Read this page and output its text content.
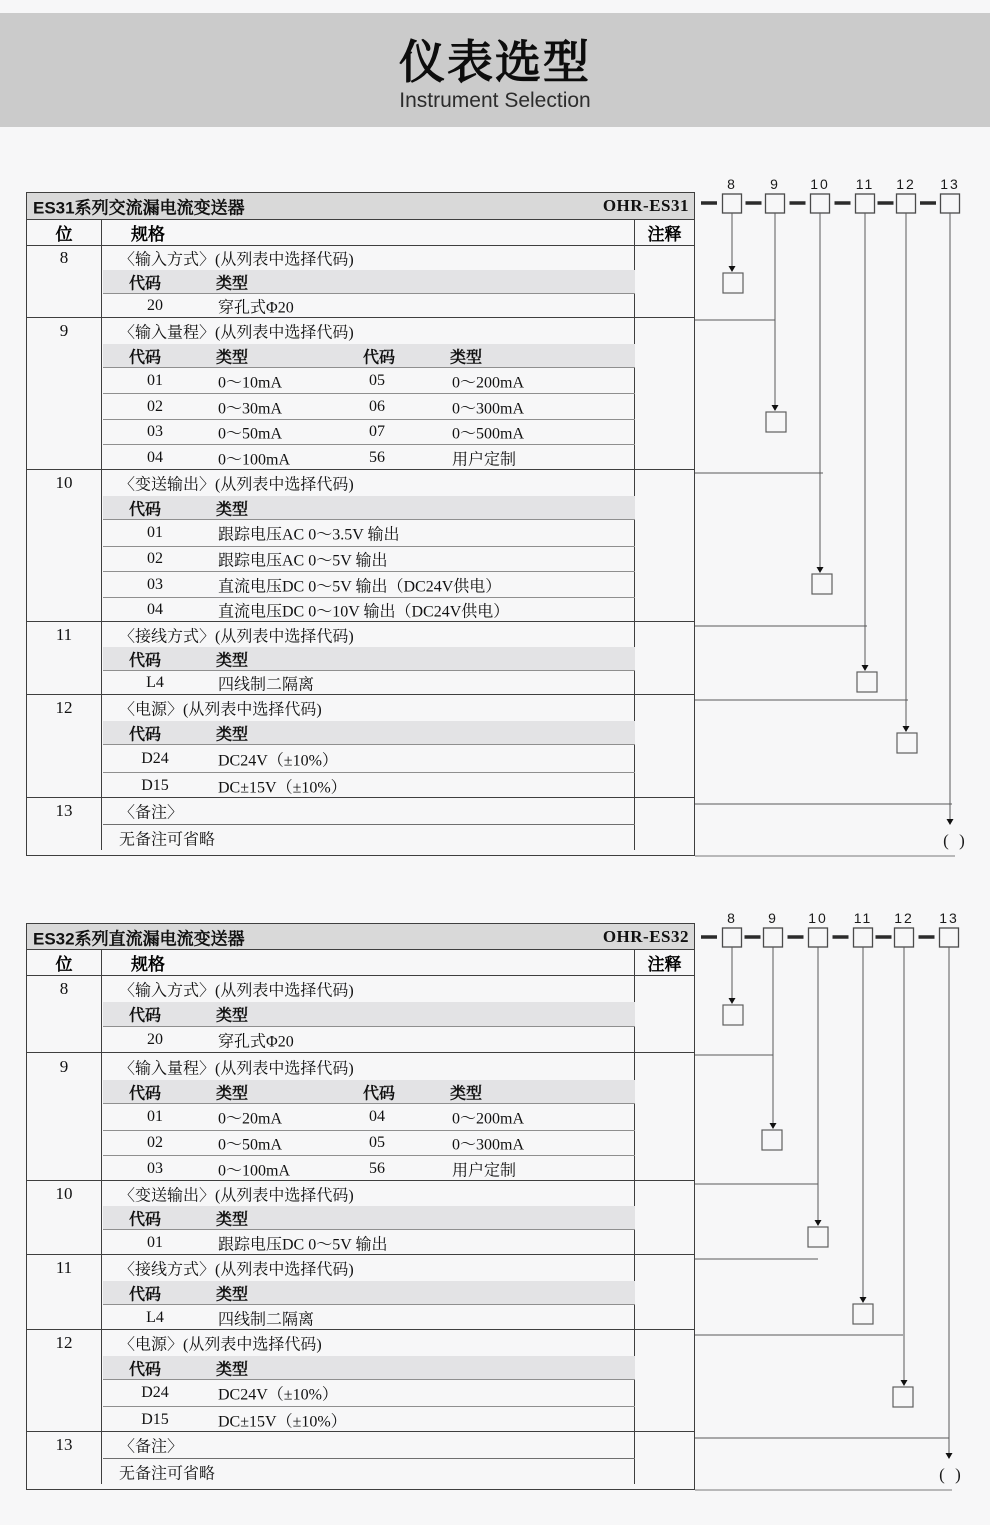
仪表选型
Instrument Selection
ES31系列交流漏电流变送器	OHR-ES31
位	规格	注释
8	〈输入方式〉(从列表中选择代码)
代码	类型
20	穿孔式Φ20
9	〈输入量程〉(从列表中选择代码)
代码	类型	代码	类型
01	0～10mA	05	0～200mA
02	0～30mA	06	0～300mA
03	0～50mA	07	0～500mA
04	0～100mA	56	用户定制
10	〈变送输出〉(从列表中选择代码)
代码	类型
01	跟踪电压AC 0～3.5V 输出
02	跟踪电压AC 0～5V 输出
03	直流电压DC 0～5V 输出（DC24V供电）
04	直流电压DC 0～10V 输出（DC24V供电）
11	〈接线方式〉(从列表中选择代码)
代码	类型
L4	四线制二隔离
12	〈电源〉(从列表中选择代码)
代码	类型
D24	DC24V（±10%）
D15	DC±15V（±10%）
13	〈备注〉
无备注可省略
ES32系列直流漏电流变送器	OHR-ES32
位	规格	注释
8	〈输入方式〉(从列表中选择代码)
代码	类型
20	穿孔式Φ20
9	〈输入量程〉(从列表中选择代码)
代码	类型	代码	类型
01	0～20mA	04	0～200mA
02	0～50mA	05	0～300mA
03	0～100mA	56	用户定制
10	〈变送输出〉(从列表中选择代码)
代码	类型
01	跟踪电压DC 0～5V 输出
11	〈接线方式〉(从列表中选择代码)
代码	类型
L4	四线制二隔离
12	〈电源〉(从列表中选择代码)
代码	类型
D24	DC24V（±10%）
D15	DC±15V（±10%）
13	〈备注〉
无备注可省略
8 9 10 11 12 13
( )
8 9 10 11 12 13
( )
